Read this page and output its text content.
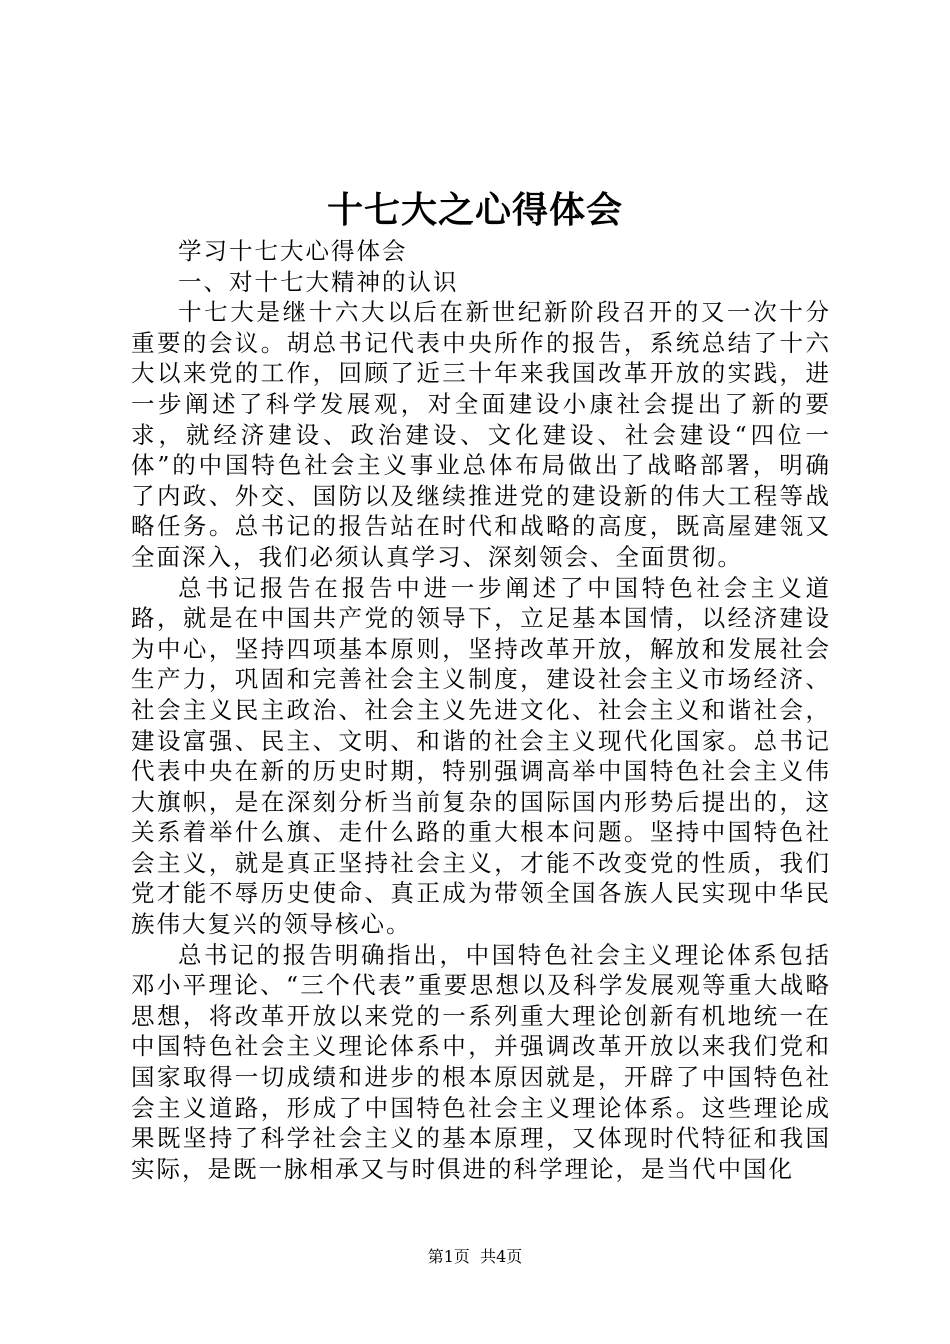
十七大之心得体会

学习十七大心得体会

一、对十七大精神的认识

十七大是继十六大以后在新世纪新阶段召开的又一次十分重要的会议。胡总书记代表中央所作的报告，系统总结了十六大以来党的工作，回顾了近三十年来我国改革开放的实践，进一步阐述了科学发展观，对全面建设小康社会提出了新的要求，就经济建设、政治建设、文化建设、社会建设“四位一体”的中国特色社会主义事业总体布局做出了战略部署，明确了内政、外交、国防以及继续推进党的建设新的伟大工程等战略任务。总书记的报告站在时代和战略的高度，既高屋建瓴又全面深入，我们必须认真学习、深刻领会、全面贯彻。

总书记报告在报告中进一步阐述了中国特色社会主义道路，就是在中国共产党的领导下，立足基本国情，以经济建设为中心，坚持四项基本原则，坚持改革开放，解放和发展社会生产力，巩固和完善社会主义制度，建设社会主义市场经济、社会主义民主政治、社会主义先进文化、社会主义和谐社会，建设富强、民主、文明、和谐的社会主义现代化国家。总书记代表中央在新的历史时期，特别强调高举中国特色社会主义伟大旗帜，是在深刻分析当前复杂的国际国内形势后提出的，这关系着举什么旗、走什么路的重大根本问题。坚持中国特色社会主义，就是真正坚持社会主义，才能不改变党的性质，我们党才能不辱历史使命、真正成为带领全国各族人民实现中华民族伟大复兴的领导核心。

总书记的报告明确指出，中国特色社会主义理论体系包括邓小平理论、“三个代表”重要思想以及科学发展观等重大战略思想，将改革开放以来党的一系列重大理论创新有机地统一在中国特色社会主义理论体系中，并强调改革开放以来我们党和国家取得一切成绩和进步的根本原因就是，开辟了中国特色社会主义道路，形成了中国特色社会主义理论体系。这些理论成果既坚持了科学社会主义的基本原理，又体现时代特征和我国实际，是既一脉相承又与时俱进的科学理论，是当代中国化

第1页  共4页
